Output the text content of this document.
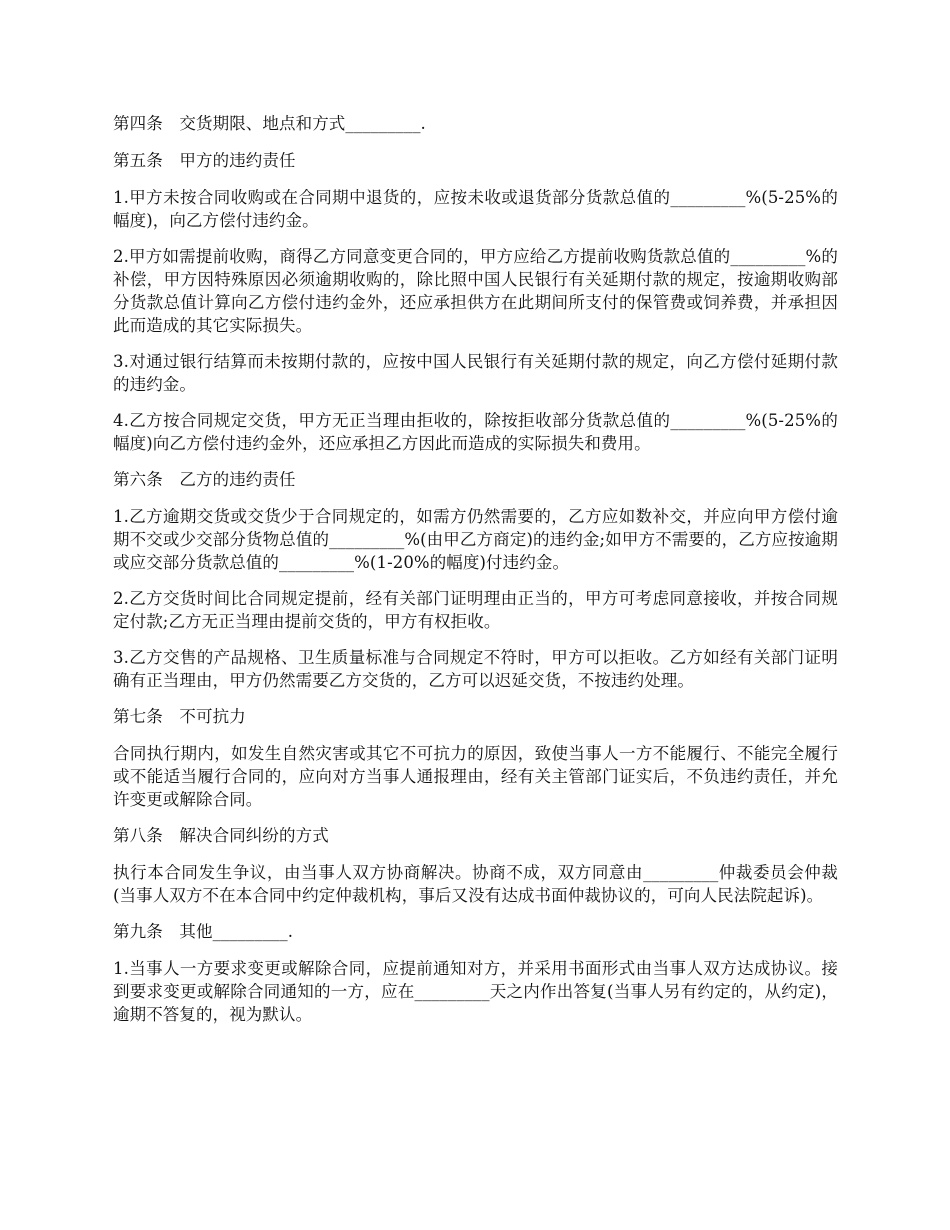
第四条　交货期限、地点和方式_________.

第五条　甲方的违约责任

1.甲方未按合同收购或在合同期中退货的，应按未收或退货部分货款总值的_________%(5-25%的幅度)，向乙方偿付违约金。

2.甲方如需提前收购，商得乙方同意变更合同的，甲方应给乙方提前收购货款总值的_________%的补偿，甲方因特殊原因必须逾期收购的，除比照中国人民银行有关延期付款的规定，按逾期收购部分货款总值计算向乙方偿付违约金外，还应承担供方在此期间所支付的保管费或饲养费，并承担因此而造成的其它实际损失。

3.对通过银行结算而未按期付款的，应按中国人民银行有关延期付款的规定，向乙方偿付延期付款的违约金。

4.乙方按合同规定交货，甲方无正当理由拒收的，除按拒收部分货款总值的_________%(5-25%的幅度)向乙方偿付违约金外，还应承担乙方因此而造成的实际损失和费用。

第六条　乙方的违约责任

1.乙方逾期交货或交货少于合同规定的，如需方仍然需要的，乙方应如数补交，并应向甲方偿付逾期不交或少交部分货物总值的_________%(由甲乙方商定)的违约金;如甲方不需要的，乙方应按逾期或应交部分货款总值的_________%(1-20%的幅度)付违约金。

2.乙方交货时间比合同规定提前，经有关部门证明理由正当的，甲方可考虑同意接收，并按合同规定付款;乙方无正当理由提前交货的，甲方有权拒收。

3.乙方交售的产品规格、卫生质量标准与合同规定不符时，甲方可以拒收。乙方如经有关部门证明确有正当理由，甲方仍然需要乙方交货的，乙方可以迟延交货，不按违约处理。

第七条　不可抗力

合同执行期内，如发生自然灾害或其它不可抗力的原因，致使当事人一方不能履行、不能完全履行或不能适当履行合同的，应向对方当事人通报理由，经有关主管部门证实后，不负违约责任，并允许变更或解除合同。

第八条　解决合同纠纷的方式

执行本合同发生争议，由当事人双方协商解决。协商不成，双方同意由_________仲裁委员会仲裁(当事人双方不在本合同中约定仲裁机构，事后又没有达成书面仲裁协议的，可向人民法院起诉)。

第九条　其他_________.

1.当事人一方要求变更或解除合同，应提前通知对方，并采用书面形式由当事人双方达成协议。接到要求变更或解除合同通知的一方，应在_________天之内作出答复(当事人另有约定的，从约定)，逾期不答复的，视为默认。
